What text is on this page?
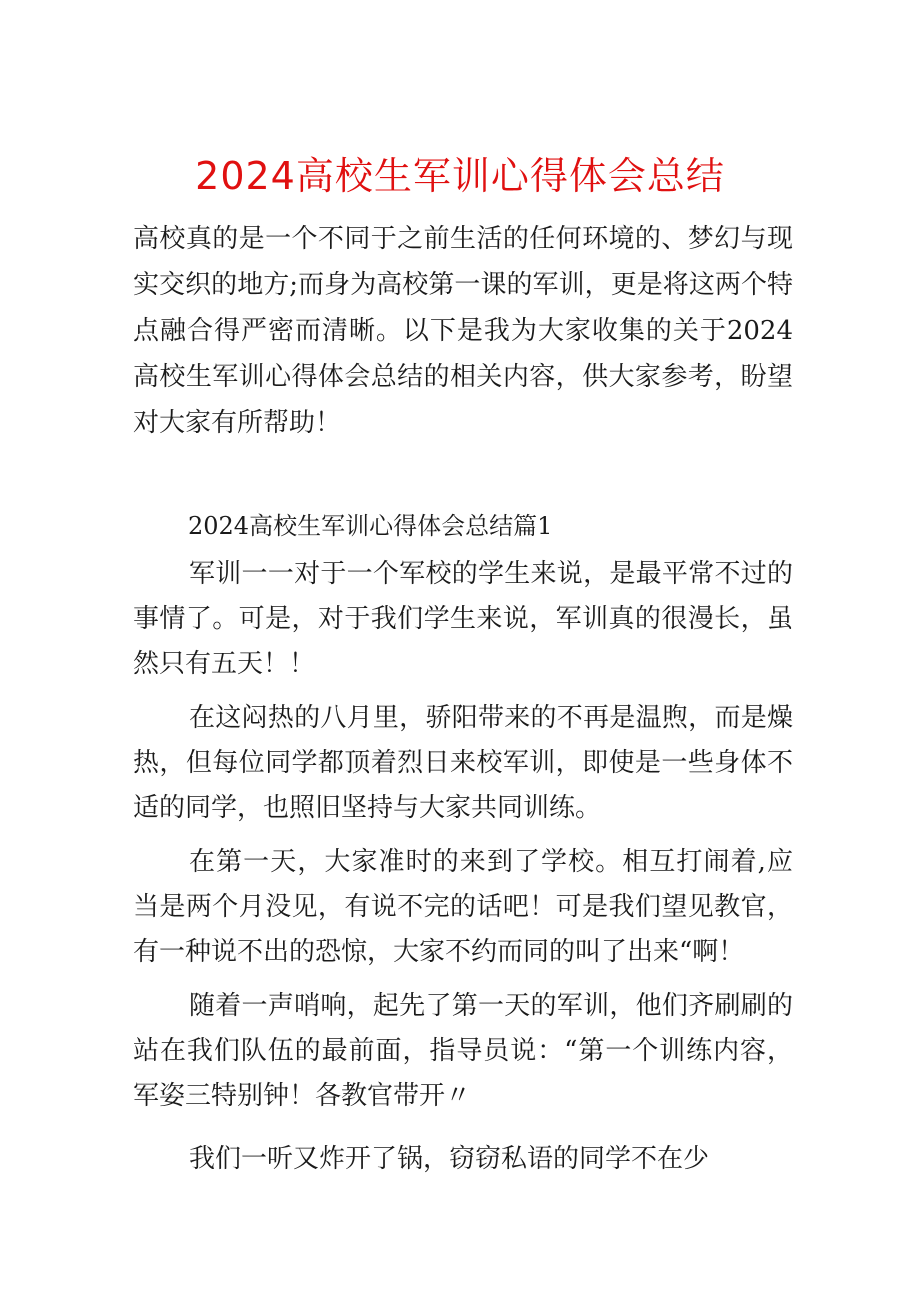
2024高校生军训心得体会总结

高校真的是一个不同于之前生活的任何环境的、梦幻与现实交织的地方;而身为高校第一课的军训，更是将这两个特点融合得严密而清晰。以下是我为大家收集的关于2024高校生军训心得体会总结的相关内容，供大家参考，盼望对大家有所帮助！

2024高校生军训心得体会总结篇1

军训一一对于一个军校的学生来说，是最平常不过的事情了。可是，对于我们学生来说，军训真的很漫长，虽然只有五天！！

在这闷热的八月里，骄阳带来的不再是温煦，而是燥热，但每位同学都顶着烈日来校军训，即使是一些身体不适的同学，也照旧坚持与大家共同训练。

在第一天，大家准时的来到了学校。相互打闹着,应当是两个月没见，有说不完的话吧！可是我们望见教官，有一种说不出的恐惊，大家不约而同的叫了出来“啊！

随着一声哨响，起先了第一天的军训，他们齐刷刷的站在我们队伍的最前面，指导员说：“第一个训练内容，军姿三特别钟！各教官带开〃

我们一听又炸开了锅，窃窃私语的同学不在少
